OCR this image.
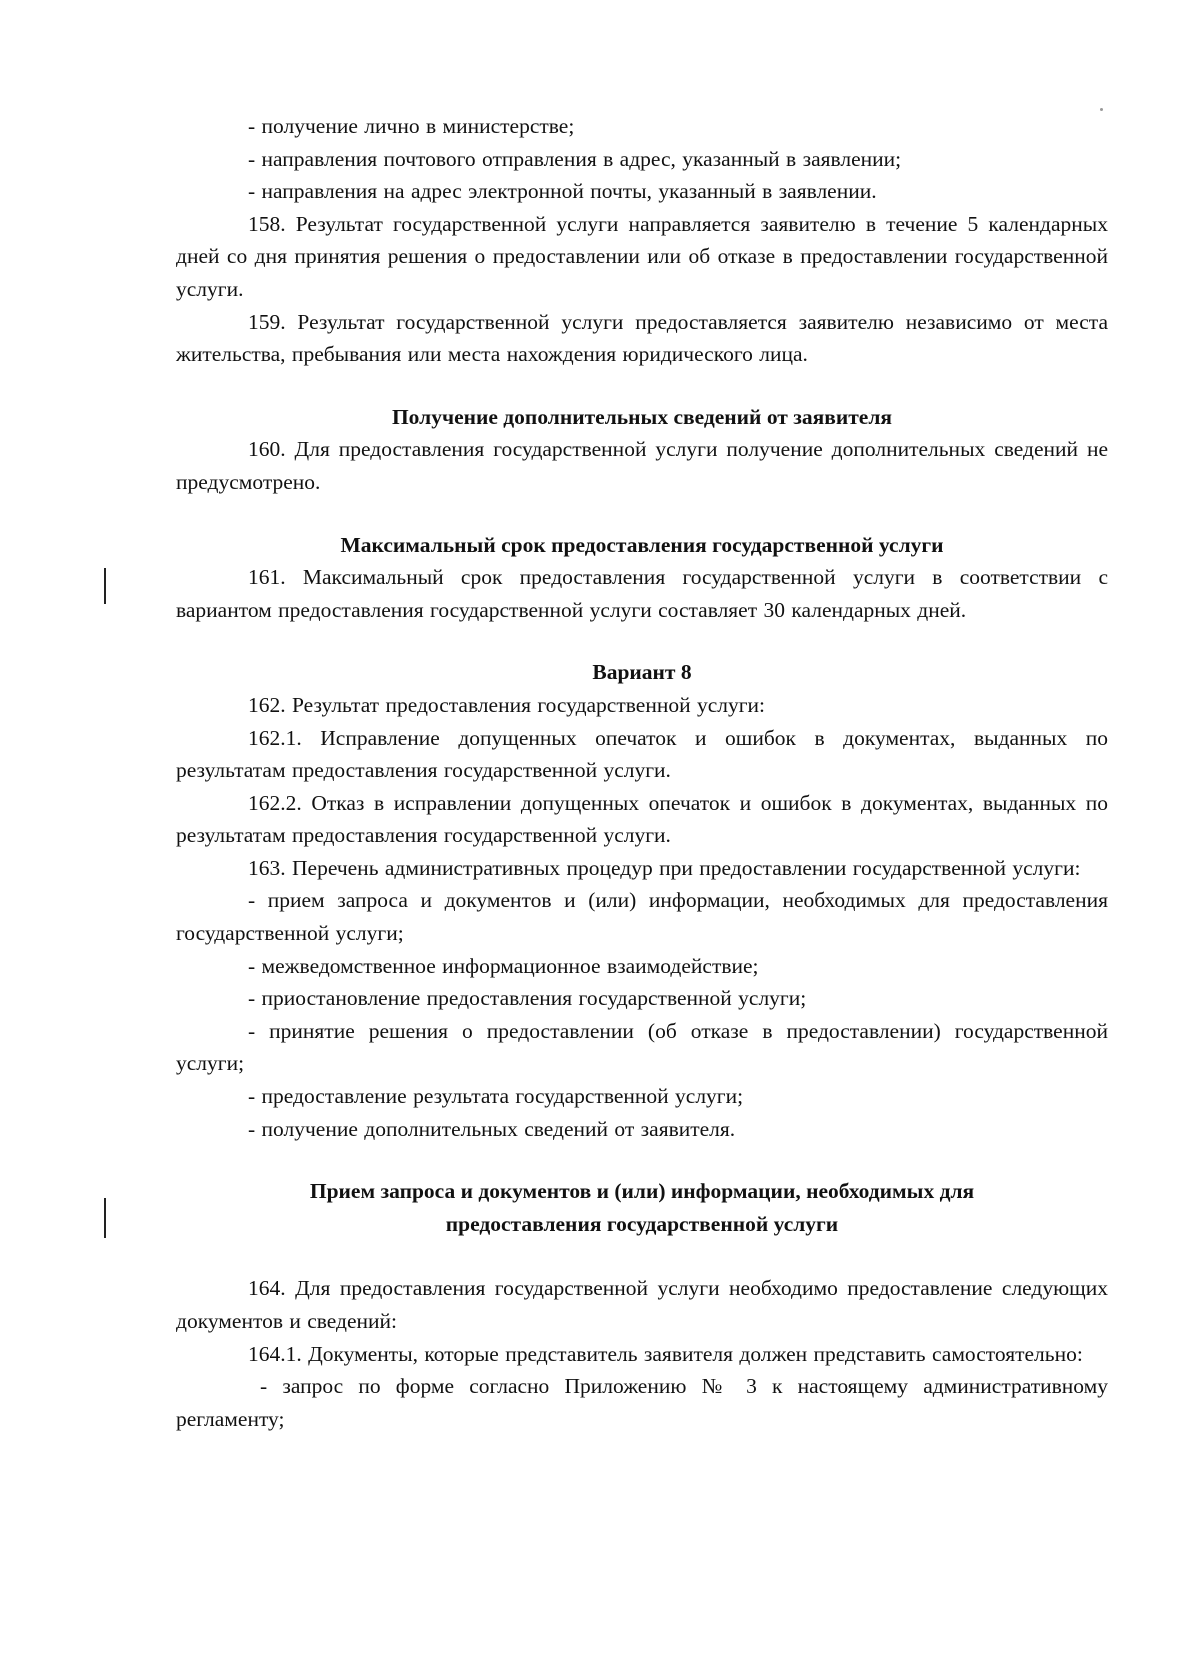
- получение лично в министерстве;

- направления почтового отправления в адрес, указанный в заявлении;

- направления на адрес электронной почты, указанный в заявлении.

158. Результат государственной услуги направляется заявителю в течение 5 календарных дней со дня принятия решения о предоставлении или об отказе в предоставлении государственной услуги.

159. Результат государственной услуги предоставляется заявителю независимо от места жительства, пребывания или места нахождения юридического лица.

Получение дополнительных сведений от заявителя

160. Для предоставления государственной услуги получение дополнительных сведений не предусмотрено.

Максимальный срок предоставления государственной услуги

161. Максимальный срок предоставления государственной услуги в соответствии с вариантом предоставления государственной услуги составляет 30 календарных дней.

Вариант 8

162. Результат предоставления государственной услуги:

162.1. Исправление допущенных опечаток и ошибок в документах, выданных по результатам предоставления государственной услуги.

162.2. Отказ в исправлении допущенных опечаток и ошибок в документах, выданных по результатам предоставления государственной услуги.

163. Перечень административных процедур при предоставлении государственной услуги:

- прием запроса и документов и (или) информации, необходимых для предоставления государственной услуги;

- межведомственное информационное взаимодействие;

- приостановление предоставления государственной услуги;

- принятие решения о предоставлении (об отказе в предоставлении) государственной услуги;

- предоставление результата государственной услуги;

- получение дополнительных сведений от заявителя.

Прием запроса и документов и (или) информации, необходимых для

предоставления государственной услуги

164. Для предоставления государственной услуги необходимо предоставление следующих документов и сведений:

164.1. Документы, которые представитель заявителя должен представить самостоятельно:

- запрос по форме согласно Приложению № 3 к настоящему административному регламенту;
